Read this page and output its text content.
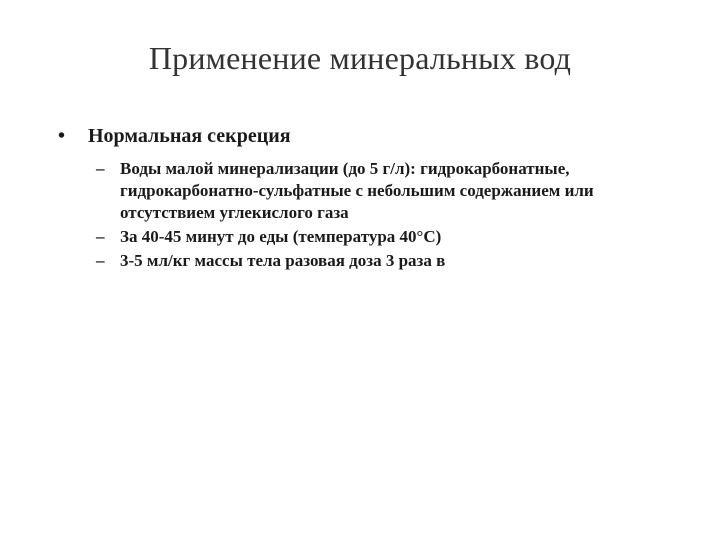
Применение минеральных вод
•	Нормальная секреция
– Воды малой минерализации (до 5 г/л): гидрокарбонатные, гидрокарбонатно-сульфатные с небольшим содержанием или отсутствием углекислого газа
– За 40-45 минут до еды (температура 40°С)
– 3-5 мл/кг массы тела разовая доза 3 раза в
